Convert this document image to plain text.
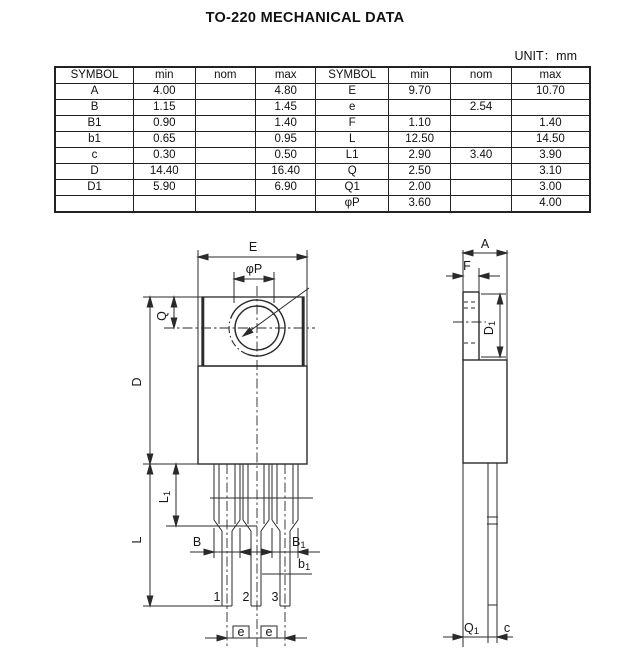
E
φP
Q
D
L
L1
B	B1
b1
1 2 3
e e
A
F
D1
Q1 c
TO-220 MECHANICAL DATA
UNIT：mm
SYMBOL	min	nom	max	SYMBOL	min	nom	max
A	4.00		4.80	E	9.70		10.70
B	1.15		1.45	e		2.54	
B1	0.90		1.40	F	1.10		1.40
b1	0.65		0.95	L	12.50		14.50
c	0.30		0.50	L1	2.90	3.40	3.90
D	14.40		16.40	Q	2.50		3.10
D1	5.90		6.90	Q1	2.00		3.00
				φP	3.60		4.00
